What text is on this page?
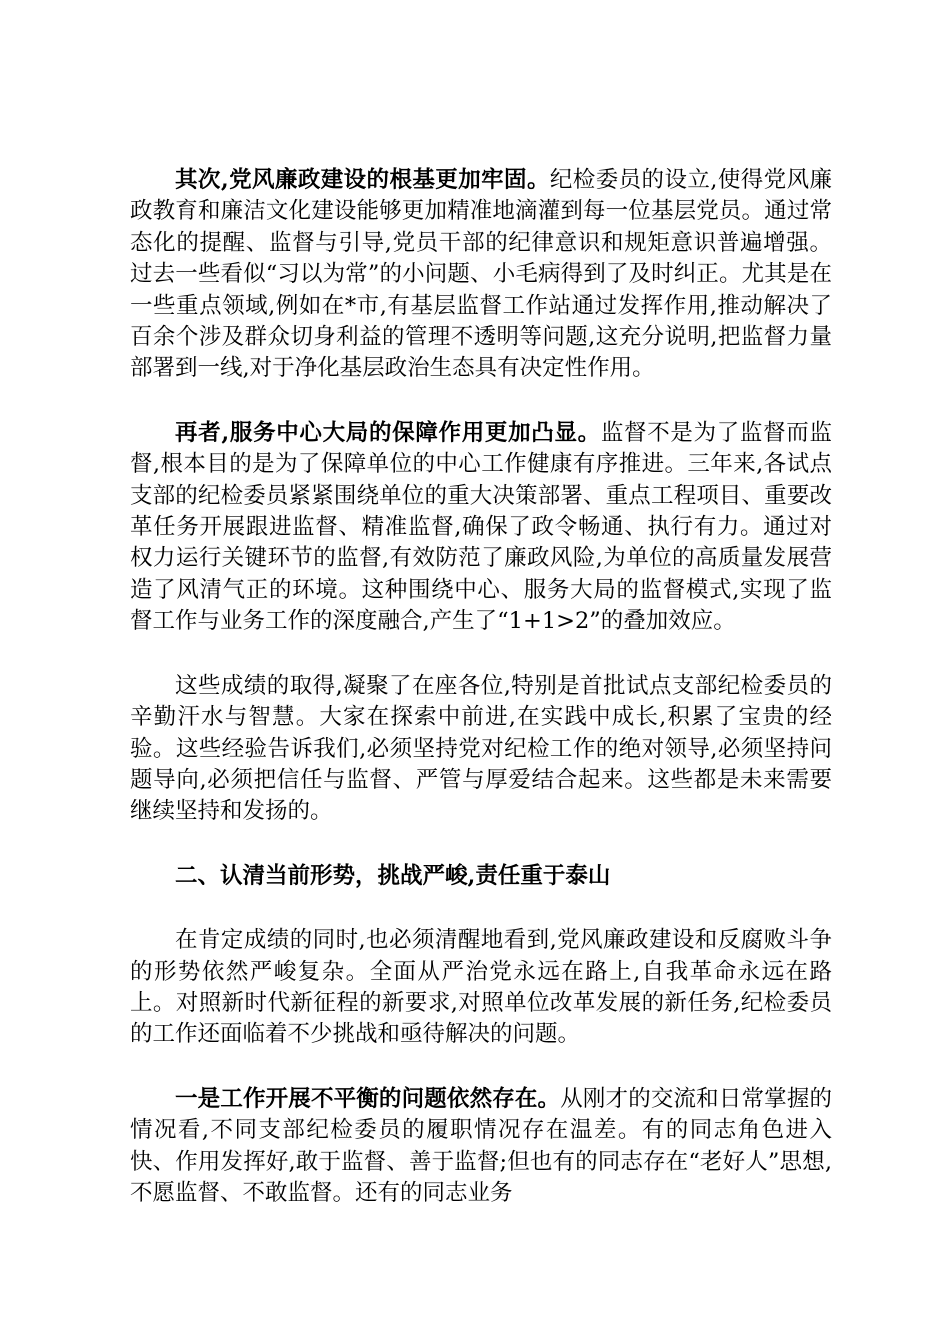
其次,党风廉政建设的根基更加牢固。纪检委员的设立,使得党风廉政教育和廉洁文化建设能够更加精准地滴灌到每一位基层党员。通过常态化的提醒、监督与引导,党员干部的纪律意识和规矩意识普遍增强。过去一些看似“习以为常”的小问题、小毛病得到了及时纠正。尤其是在一些重点领域,例如在*市,有基层监督工作站通过发挥作用,推动解决了百余个涉及群众切身利益的管理不透明等问题,这充分说明,把监督力量部署到一线,对于净化基层政治生态具有决定性作用。

再者,服务中心大局的保障作用更加凸显。监督不是为了监督而监督,根本目的是为了保障单位的中心工作健康有序推进。三年来,各试点支部的纪检委员紧紧围绕单位的重大决策部署、重点工程项目、重要改革任务开展跟进监督、精准监督,确保了政令畅通、执行有力。通过对权力运行关键环节的监督,有效防范了廉政风险,为单位的高质量发展营造了风清气正的环境。这种围绕中心、服务大局的监督模式,实现了监督工作与业务工作的深度融合,产生了“1+1>2”的叠加效应。

这些成绩的取得,凝聚了在座各位,特别是首批试点支部纪检委员的辛勤汗水与智慧。大家在探索中前进,在实践中成长,积累了宝贵的经验。这些经验告诉我们,必须坚持党对纪检工作的绝对领导,必须坚持问题导向,必须把信任与监督、严管与厚爱结合起来。这些都是未来需要继续坚持和发扬的。

二、认清当前形势，挑战严峻,责任重于泰山

在肯定成绩的同时,也必须清醒地看到,党风廉政建设和反腐败斗争的形势依然严峻复杂。全面从严治党永远在路上,自我革命永远在路上。对照新时代新征程的新要求,对照单位改革发展的新任务,纪检委员的工作还面临着不少挑战和亟待解决的问题。

一是工作开展不平衡的问题依然存在。从刚才的交流和日常掌握的情况看,不同支部纪检委员的履职情况存在温差。有的同志角色进入快、作用发挥好,敢于监督、善于监督;但也有的同志存在“老好人”思想,不愿监督、不敢监督。还有的同志业务
